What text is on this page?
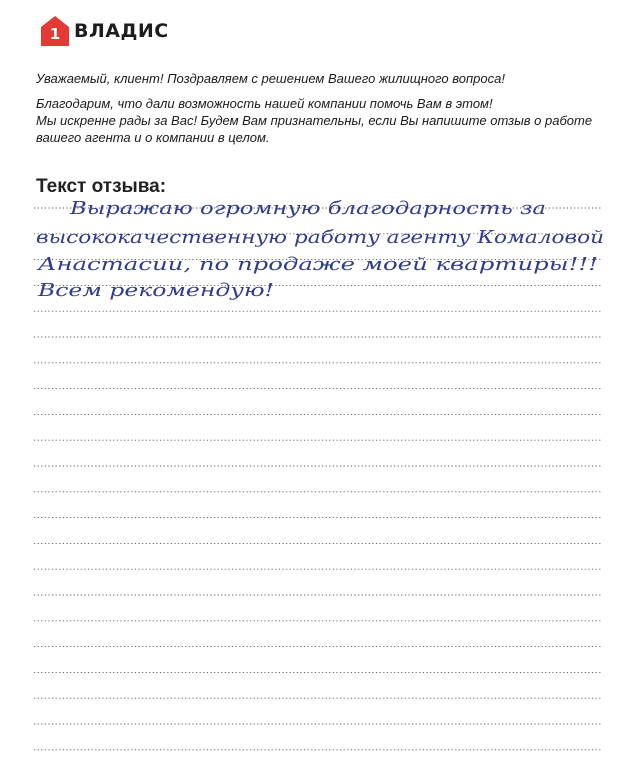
1 ВЛАДИС

Уважаемый, клиент! Поздравляем с решением Вашего жилищного вопроса!

Благодарим, что дали возможность нашей компании помочь Вам в этом!

Мы искренне рады за Вас! Будем Вам признательны, если Вы напишите отзыв о работе

вашего агента и о компании в целом.

Текст отзыва:
Выражаю огромную благодарность за
высококачественную работу агенту Комаловой
Анастасии, по продаже моей квартиры!!!
Всем рекомендую!
